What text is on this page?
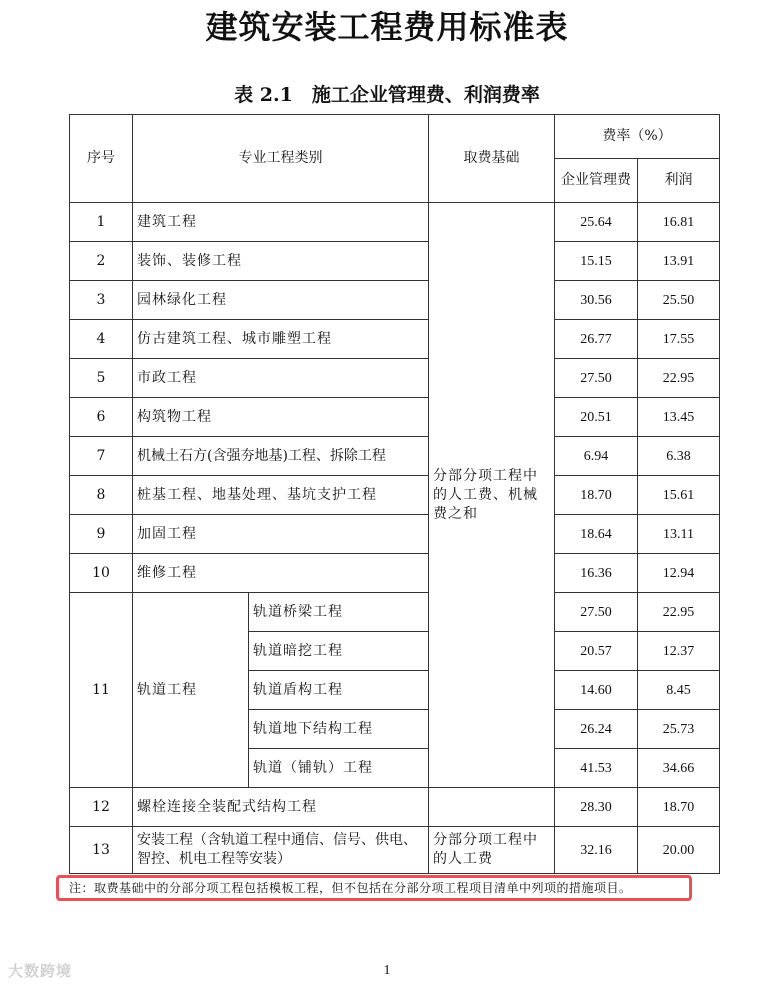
建筑安装工程费用标准表
表 2.1　施工企业管理费、利润费率
序号	专业工程类别		取费基础	费率（%）	
				企业管理费	利润
1	建筑工程		分部分项工程中的人工费、机械费之和	25.64	16.81
2	装饰、装修工程			15.15	13.91
3	园林绿化工程			30.56	25.50
4	仿古建筑工程、城市雕塑工程			26.77	17.55
5	市政工程			27.50	22.95
6	构筑物工程			20.51	13.45
7	机械土石方(含强夯地基)工程、拆除工程			6.94	6.38
8	桩基工程、地基处理、基坑支护工程			18.70	15.61
9	加固工程			18.64	13.11
10	维修工程			16.36	12.94
11	轨道工程	轨道桥梁工程		27.50	22.95
		轨道暗挖工程		20.57	12.37
		轨道盾构工程		14.60	8.45
		轨道地下结构工程		26.24	25.73
		轨道（铺轨）工程		41.53	34.66
12	螺栓连接全装配式结构工程			28.30	18.70
13	安装工程（含轨道工程中通信、信号、供电、智控、机电工程等安装）		分部分项工程中的人工费	32.16	20.00
注：取费基础中的分部分项工程包括模板工程，但不包括在分部分项工程项目清单中列项的措施项目。
大数跨境	1
